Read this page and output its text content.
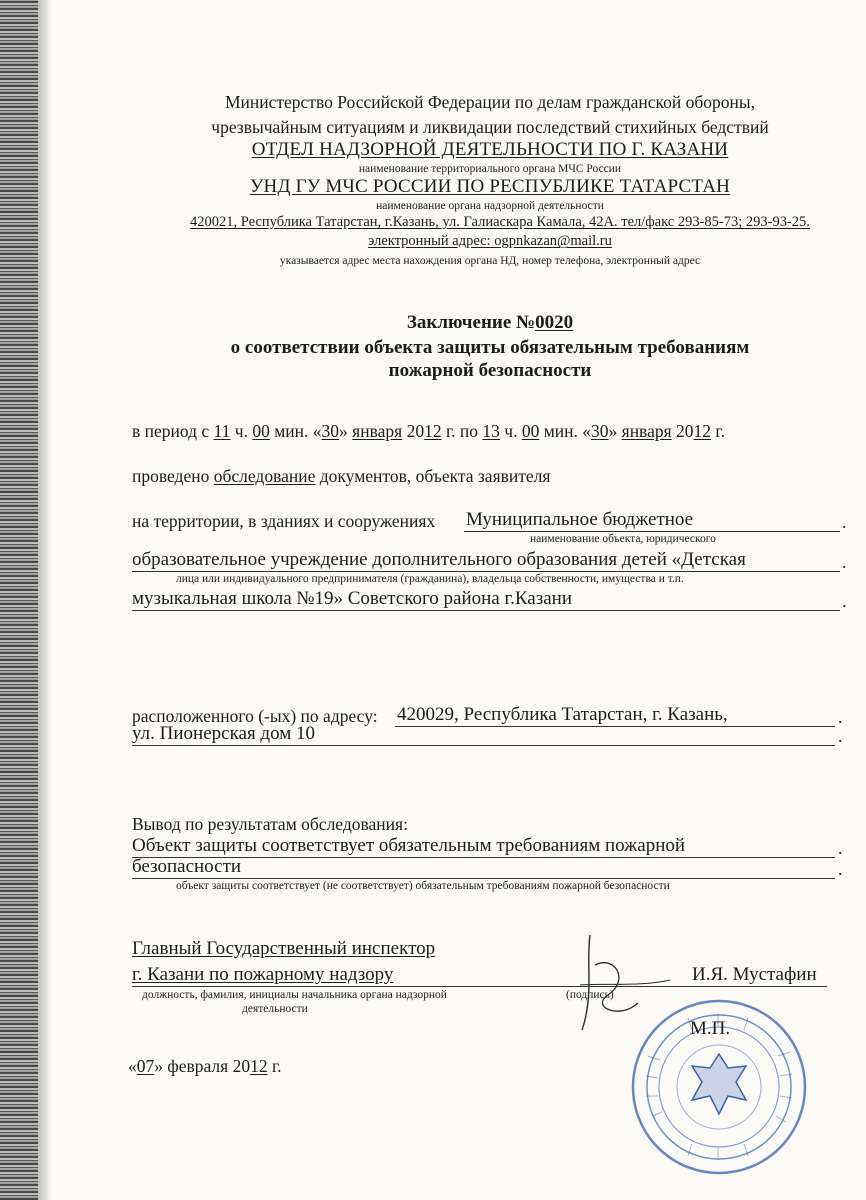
Министерство Российской Федерации по делам гражданской обороны,
чрезвычайным ситуациям и ликвидации последствий стихийных бедствий
ОТДЕЛ НАДЗОРНОЙ ДЕЯТЕЛЬНОСТИ ПО Г. КАЗАНИ
наименование территориального органа МЧС России
УНД ГУ МЧС РОССИИ ПО РЕСПУБЛИКЕ ТАТАРСТАН
наименование органа надзорной деятельности
420021, Республика Татарстан, г.Казань, ул. Галиаскара Камала, 42А. тел/факс 293-85-73; 293-93-25.
электронный адрес: ogpnkazan@mail.ru
указывается адрес места нахождения органа НД, номер телефона, электронный адрес
Заключение №0020
о соответствии объекта защиты обязательным требованиям
пожарной безопасности
в период с 11 ч. 00 мин. «30» января 2012 г. по 13 ч. 00 мин. «30» января 2012 г.
проведено обследование документов, объекта заявителя
на территории, в зданиях и сооружениях Муниципальное бюджетное	.
наименование объекта, юридического
образовательное учреждение дополнительного образования детей «Детская	.
лица или индивидуального предпринимателя (гражданина), владельца собственности, имущества и т.п.
музыкальная школа №19» Советского района г.Казани	.
расположенного (-ых) по адресу: 420029, Республика Татарстан, г. Казань,	.
ул. Пионерская дом 10	.
Вывод по результатам обследования:
Объект защиты соответствует обязательным требованиям пожарной	.
безопасности	.
объект защиты соответствует (не соответствует) обязательным требованиям пожарной безопасности
Главный Государственный инспектор
г. Казани по пожарному надзору	И.Я. Мустафин
должность, фамилия, инициалы начальника органа надзорной
деятельности
(подпись)
М.П.
«07» февраля 2012 г.
